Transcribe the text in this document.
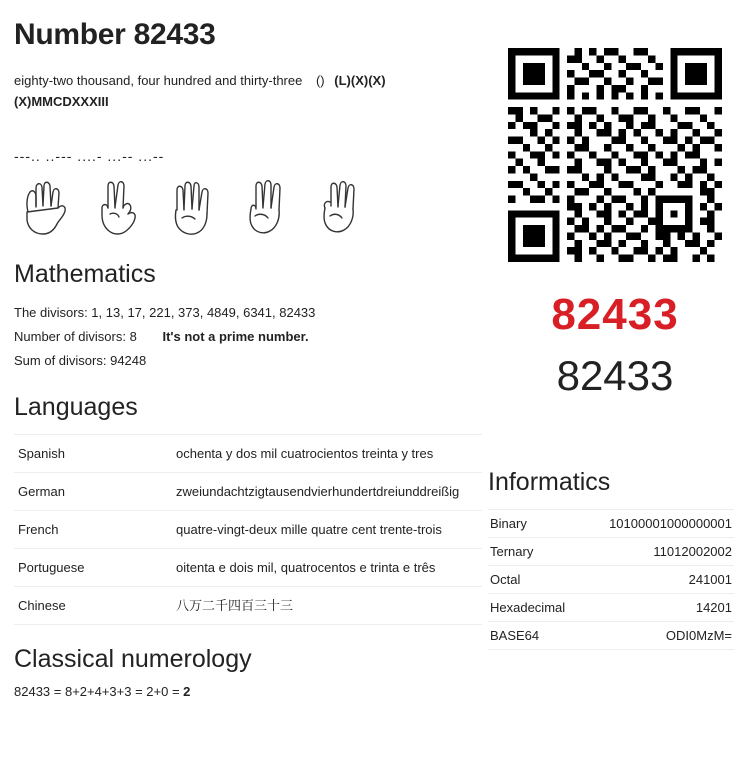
Number 82433
eighty-two thousand, four hundred and thirty-three () (L)(X)(X)
(X)MMCDXXXIII
---.. ..--- ....- ...-- ...--
Mathematics
The divisors: 1, 13, 17, 221, 373, 4849, 6341, 82433
Number of divisors: 8 It's not a prime number.
Sum of divisors: 94248
Languages
Spanish	ochenta y dos mil cuatrocientos treinta y tres
German	zweiundachtzigtausendvierhundertdreiunddreißig
French	quatre-vingt-deux mille quatre cent trente-trois
Portuguese	oitenta e dois mil, quatrocentos e trinta e três
Chinese	八万二千四百三十三
Classical numerology
82433 = 8+2+4+3+3 = 2+0 = 2
82433
82433
Informatics
Binary	10100001000000001
Ternary	11012002002
Octal	241001
Hexadecimal	14201
BASE64	ODI0MzM=
